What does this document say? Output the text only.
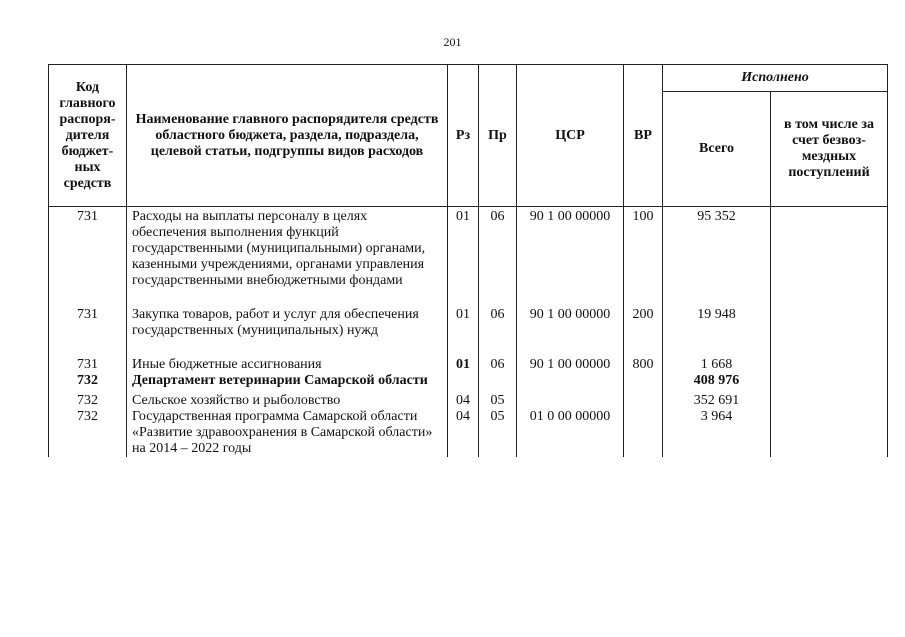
201
Код главного распоря-дителя бюджет-ных средств	Наименование главного распорядителя средств областного бюджета, раздела, подраздела, целевой статьи, подгруппы видов расходов	Рз	Пр	ЦСР	ВР	Исполнено	
						Всего	в том числе за счет безвоз-мездных поступлений
731	Расходы на выплаты персоналу в целях обеспечения выполнения функций государственными (муниципальными) органами, казенными учреждениями, органами управления государственными внебюджетными фондами	01	06	90 1 00 00000	100	95 352	

731	Закупка товаров, работ и услуг для обеспечения государственных (муниципальных) нужд	01	06	90 1 00 00000	200	19 948	

731	Иные бюджетные ассигнования	01	06	90 1 00 00000	800	1 668	
732	Департамент ветеринарии Самарской области					408 976	

732	Сельское хозяйство и рыболовство	04	05			352 691	
732	Государственная программа Самарской области «Развитие здравоохранения в Самарской области» на 2014 – 2022 годы	04	05	01 0 00 00000		3 964	
